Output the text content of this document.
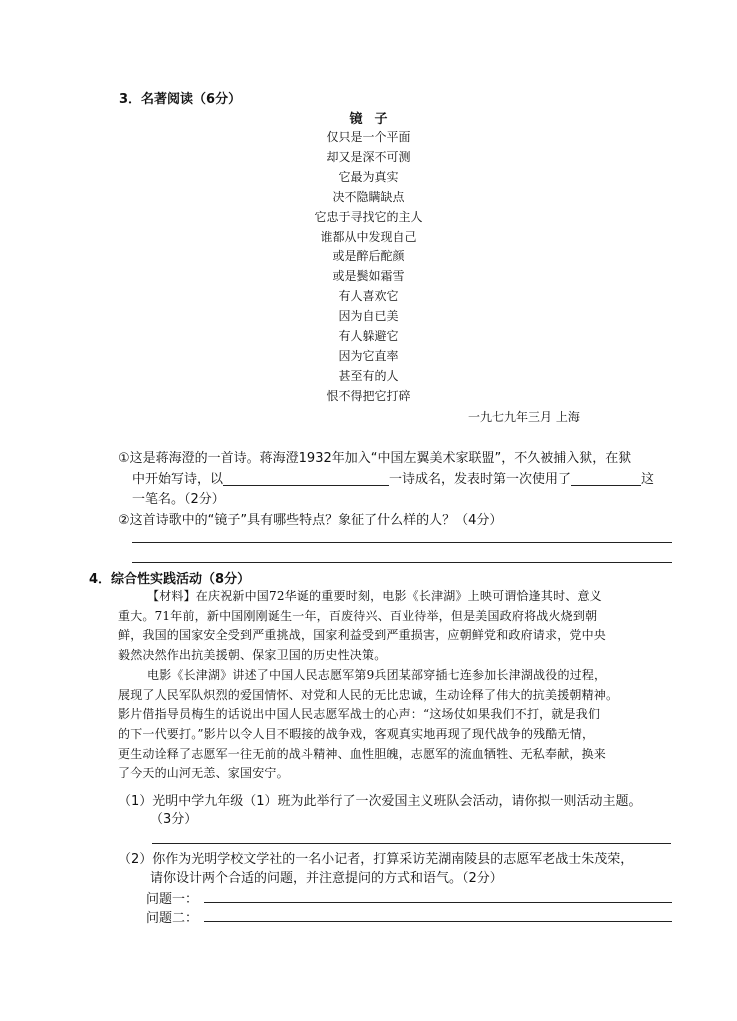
3．名著阅读（6分）
镜子
仅只是一个平面
却又是深不可测
它最为真实
决不隐瞒缺点
它忠于寻找它的主人
谁都从中发现自己
或是醉后酡颜
或是鬓如霜雪
有人喜欢它
因为自已美
有人躲避它
因为它直率
甚至有的人
恨不得把它打碎
一九七九年三月 上海
①这是蒋海澄的一首诗。蒋海澄1932年加入“中国左翼美术家联盟”，不久被捕入狱，在狱
中开始写诗，以	一诗成名，发表时第一次使用了	这
一笔名。（2分）
②这首诗歌中的“镜子”具有哪些特点？象征了什么样的人？（4分）
4．综合性实践活动（8分）
【材料】在庆祝新中国72华诞的重要时刻，电影《长津湖》上映可谓恰逢其时、意义
重大。71年前，新中国刚刚诞生一年，百废待兴、百业待举，但是美国政府将战火烧到朝
鲜，我国的国家安全受到严重挑战，国家利益受到严重损害，应朝鲜党和政府请求，党中央
毅然决然作出抗美援朝、保家卫国的历史性决策。
电影《长津湖》讲述了中国人民志愿军第9兵团某部穿插七连参加长津湖战役的过程，
展现了人民军队炽烈的爱国情怀、对党和人民的无比忠诚，生动诠释了伟大的抗美援朝精神。
影片借指导员梅生的话说出中国人民志愿军战士的心声：“这场仗如果我们不打，就是我们
的下一代要打。”影片以令人目不暇接的战争戏，客观真实地再现了现代战争的残酷无情，
更生动诠释了志愿军一往无前的战斗精神、血性胆魄，志愿军的流血牺牲、无私奉献，换来
了今天的山河无恙、家国安宁。
（1）光明中学九年级（1）班为此举行了一次爱国主义班队会活动，请你拟一则活动主题。
（3分）
（2）你作为光明学校文学社的一名小记者，打算采访芜湖南陵县的志愿军老战士朱茂荣，
请你设计两个合适的问题，并注意提问的方式和语气。（2分）
问题一：
问题二：
